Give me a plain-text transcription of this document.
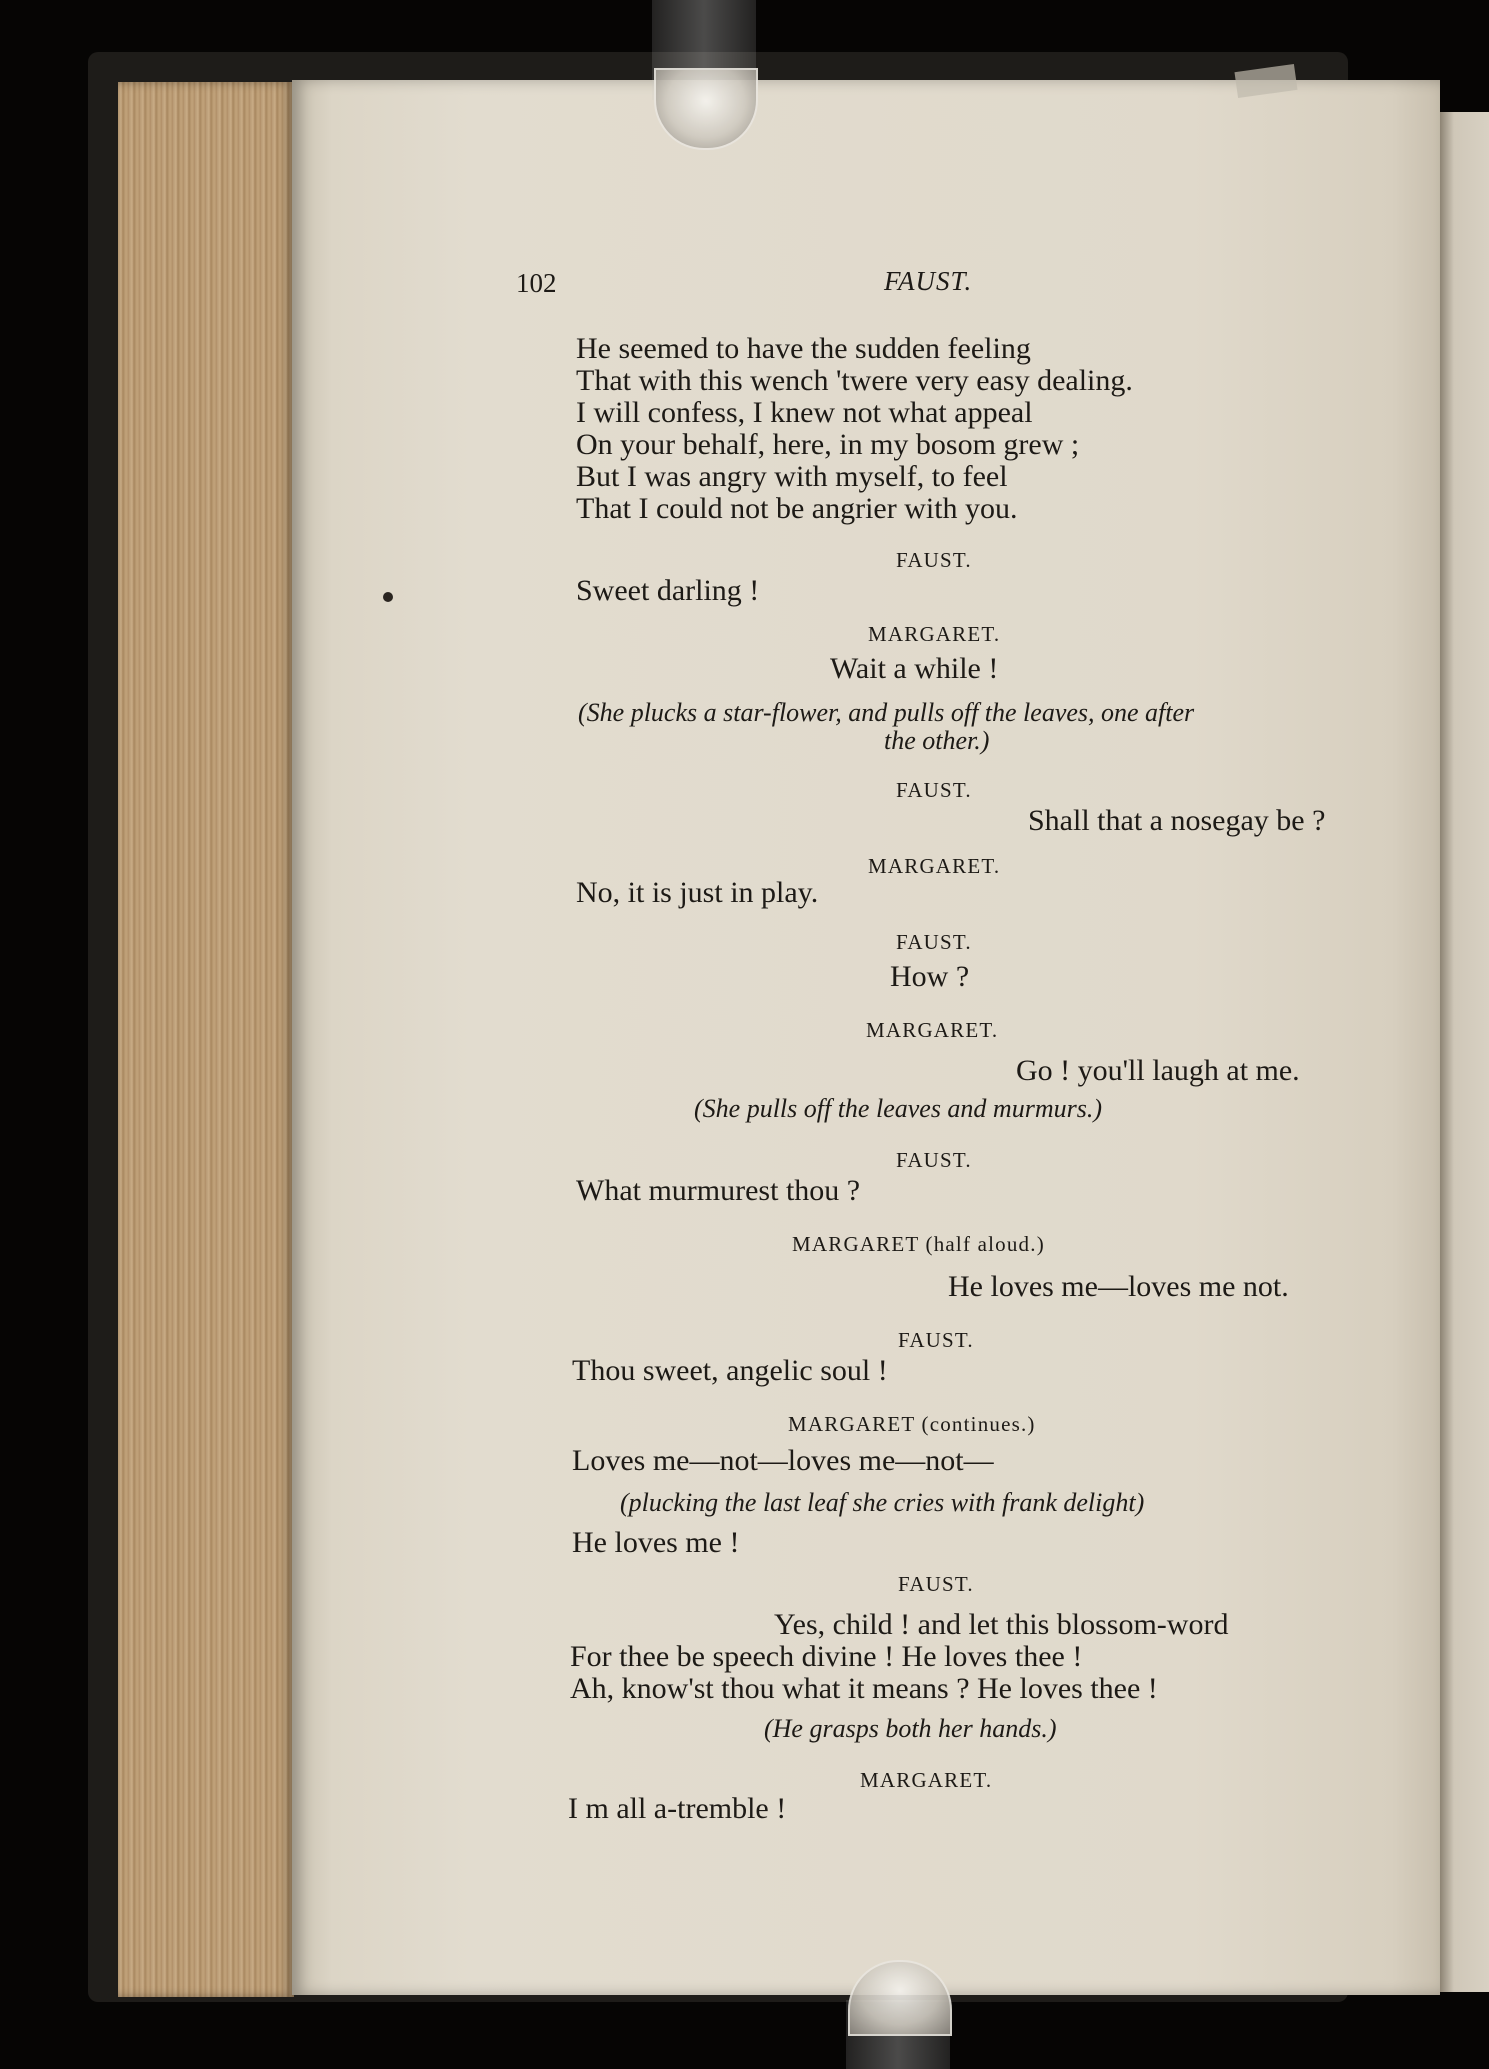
102	FAUST.

He seemed to have the sudden feeling

That with this wench 'twere very easy dealing.

I will confess, I knew not what appeal

On your behalf, here, in my bosom grew ;

But I was angry with myself, to feel

That I could not be angrier with you.

FAUST.

Sweet darling !

MARGARET.

Wait a while !

(She plucks a star-flower, and pulls off the leaves, one after

the other.)

FAUST.

Shall that a nosegay be ?

MARGARET.

No, it is just in play.

FAUST.

How ?

MARGARET.

Go ! you'll laugh at me.

(She pulls off the leaves and murmurs.)

FAUST.

What murmurest thou ?

MARGARET (half aloud.)

He loves me—loves me not.

FAUST.

Thou sweet, angelic soul !

MARGARET (continues.)

Loves me—not—loves me—not—

(plucking the last leaf she cries with frank delight)

He loves me !

FAUST.

Yes, child ! and let this blossom-word

For thee be speech divine ! He loves thee !

Ah, know'st thou what it means ? He loves thee !

(He grasps both her hands.)

MARGARET.

I m all a-tremble !
